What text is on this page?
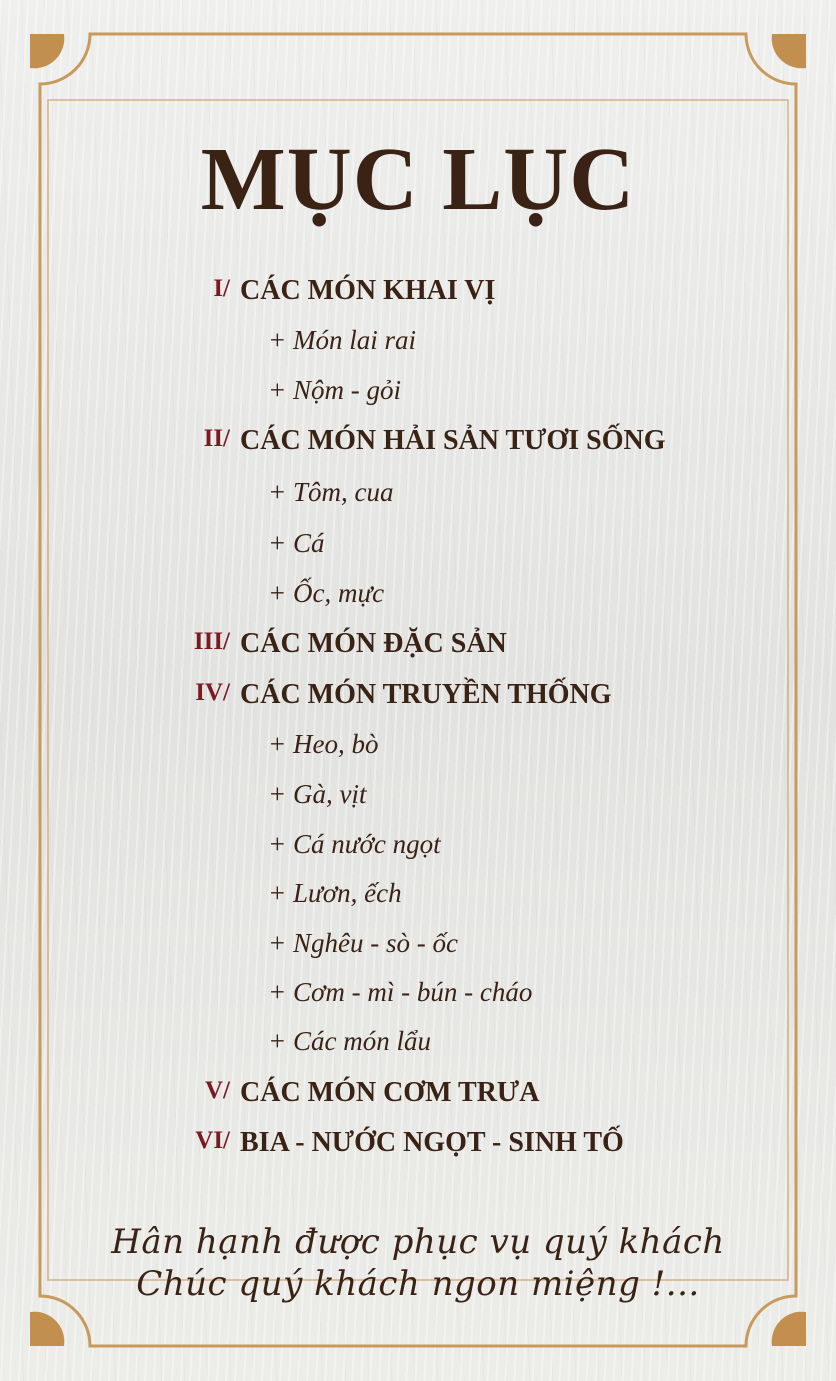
MỤC LỤC
I/ CÁC MÓN KHAI VỊ
+ Món lai rai
+ Nộm - gỏi
II/ CÁC MÓN HẢI SẢN TƯƠI SỐNG
+ Tôm, cua
+ Cá
+ Ốc, mực
III/ CÁC MÓN ĐẶC SẢN
IV/ CÁC MÓN TRUYỀN THỐNG
+ Heo, bò
+ Gà, vịt
+ Cá nước ngọt
+ Lươn, ếch
+ Nghêu - sò - ốc
+ Cơm - mì - bún - cháo
+ Các món lẩu
V/ CÁC MÓN CƠM TRƯA
VI/ BIA - NƯỚC NGỌT - SINH TỐ
Hân hạnh được phục vụ quý khách
Chúc quý khách ngon miệng !...
